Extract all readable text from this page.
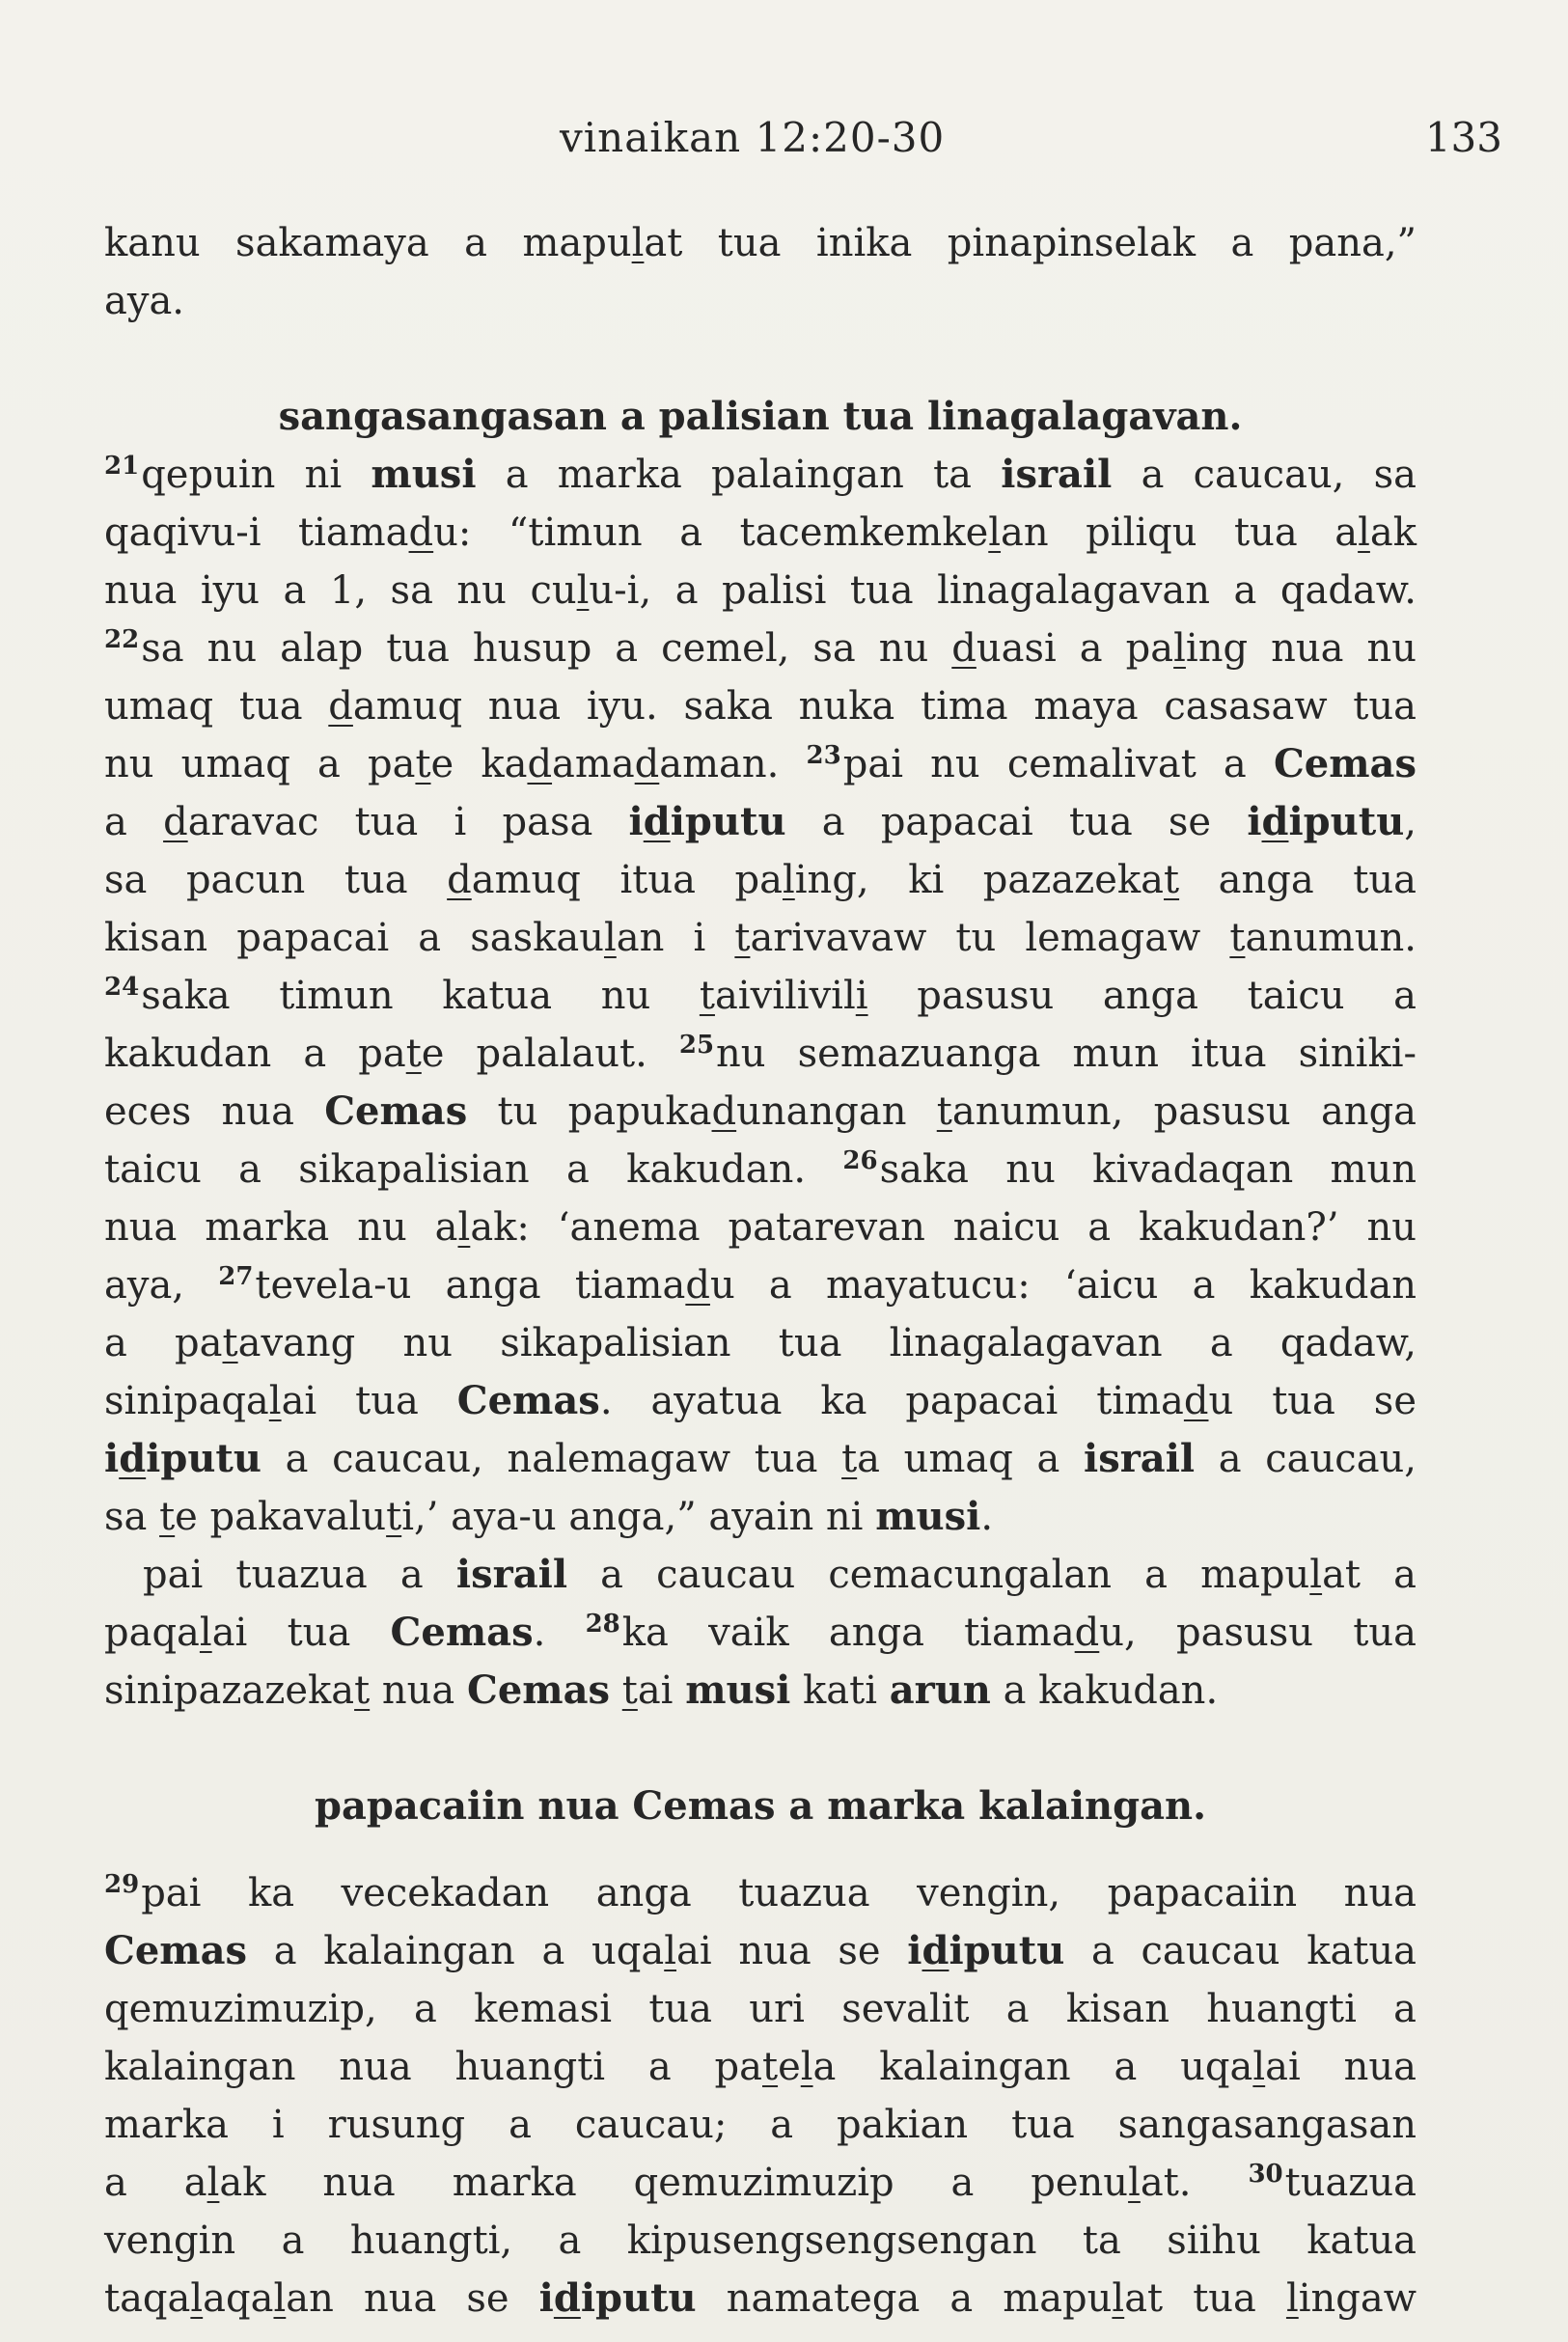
vinaikan 12:20-30	133
kanu sakamaya a mapulat tua inika pinapinselak a pana,”
aya.
sangasangasan a palisian tua linagalagavan.
$^{21}$qepuin ni musi a marka palaingan ta israil a caucau, sa
qaqivu-i tiamadu: “timun a tacemkemkelan piliqu tua alak
nua iyu a 1, sa nu culu-i, a palisi tua linagalagavan a qadaw.
$^{22}$sa nu alap tua husup a cemel, sa nu duasi a paling nua nu
umaq tua damuq nua iyu. saka nuka tima maya casasaw tua
nu umaq a pate kadamadaman. $^{23}$pai nu cemalivat a Cemas
a daravac tua i pasa idiputu a papacai tua se idiputu,
sa pacun tua damuq itua paling, ki pazazekat anga tua
kisan papacai a saskaulan i tarivavaw tu lemagaw tanumun.
$^{24}$saka timun katua nu taivilivili pasusu anga taicu a
kakudan a pate palalaut. $^{25}$nu semazuanga mun itua siniki-
eces nua Cemas tu papukadunangan tanumun, pasusu anga
taicu a sikapalisian a kakudan. $^{26}$saka nu kivadaqan mun
nua marka nu alak: ‘anema patarevan naicu a kakudan?’ nu
aya, $^{27}$tevela-u anga tiamadu a mayatucu: ‘aicu a kakudan
a patavang nu sikapalisian tua linagalagavan a qadaw,
sinipaqalai tua Cemas. ayatua ka papacai timadu tua se
idiputu a caucau, nalemagaw tua ta umaq a israil a caucau,
sa te pakavaluti,’ aya-u anga,” ayain ni musi.
pai tuazua a israil a caucau cemacungalan a mapulat a
paqalai tua Cemas. $^{28}$ka vaik anga tiamadu, pasusu tua
sinipazazekat nua Cemas tai musi kati arun a kakudan.
papacaiin nua Cemas a marka kalaingan.
$^{29}$pai ka vecekadan anga tuazua vengin, papacaiin nua
Cemas a kalaingan a uqalai nua se idiputu a caucau katua
qemuzimuzip, a kemasi tua uri sevalit a kisan huangti a
kalaingan nua huangti a patela kalaingan a uqalai nua
marka i rusung a caucau; a pakian tua sangasangasan
a alak nua marka qemuzimuzip a penulat. $^{30}$tuazua
vengin a huangti, a kipusengsengsengan ta siihu katua
taqalaqalan nua se idiputu namatega a mapulat tua lingaw
